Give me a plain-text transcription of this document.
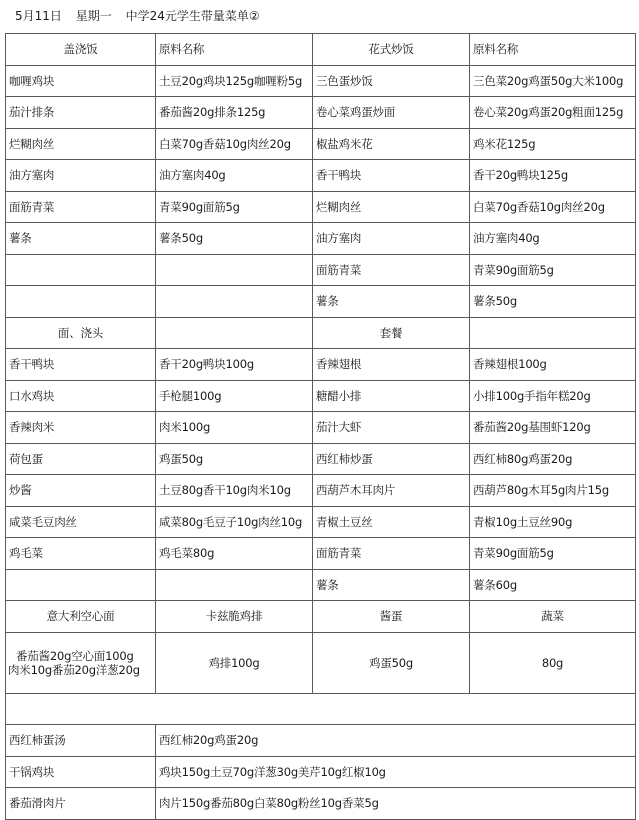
5月11日 星期一 中学24元学生带量菜单②
盖浇饭	原料名称	花式炒饭	原料名称
咖喱鸡块	土豆20g鸡块125g咖喱粉5g	三色蛋炒饭	三色菜20g鸡蛋50g大米100g
茄汁排条	番茄酱20g排条125g	卷心菜鸡蛋炒面	卷心菜20g鸡蛋20g粗面125g
烂糊肉丝	白菜70g香菇10g肉丝20g	椒盐鸡米花	鸡米花125g
油方塞肉	油方塞肉40g	香干鸭块	香干20g鸭块125g
面筋青菜	青菜90g面筋5g	烂糊肉丝	白菜70g香菇10g肉丝20g
薯条	薯条50g	油方塞肉	油方塞肉40g
		面筋青菜	青菜90g面筋5g
		薯条	薯条50g
面、浇头		套餐	
香干鸭块	香干20g鸭块100g	香辣翅根	香辣翅根100g
口水鸡块	手枪腿100g	糖醋小排	小排100g手指年糕20g
香辣肉米	肉米100g	茄汁大虾	番茄酱20g基围虾120g
荷包蛋	鸡蛋50g	西红柿炒蛋	西红柿80g鸡蛋20g
炒酱	土豆80g香干10g肉米10g	西葫芦木耳肉片	西葫芦80g木耳5g肉片15g
咸菜毛豆肉丝	咸菜80g毛豆子10g肉丝10g	青椒土豆丝	青椒10g土豆丝90g
鸡毛菜	鸡毛菜80g	面筋青菜	青菜90g面筋5g
		薯条	薯条60g
意大利空心面	卡兹脆鸡排	酱蛋	蔬菜

番茄酱20g空心面100g
肉米10g番茄20g洋葱20g	鸡排100g	鸡蛋50g	80g

西红柿蛋汤	西红柿20g鸡蛋20g		
干锅鸡块	鸡块150g土豆70g洋葱30g美芹10g红椒10g		
番茄滑肉片	肉片150g番茄80g白菜80g粉丝10g香菜5g		
